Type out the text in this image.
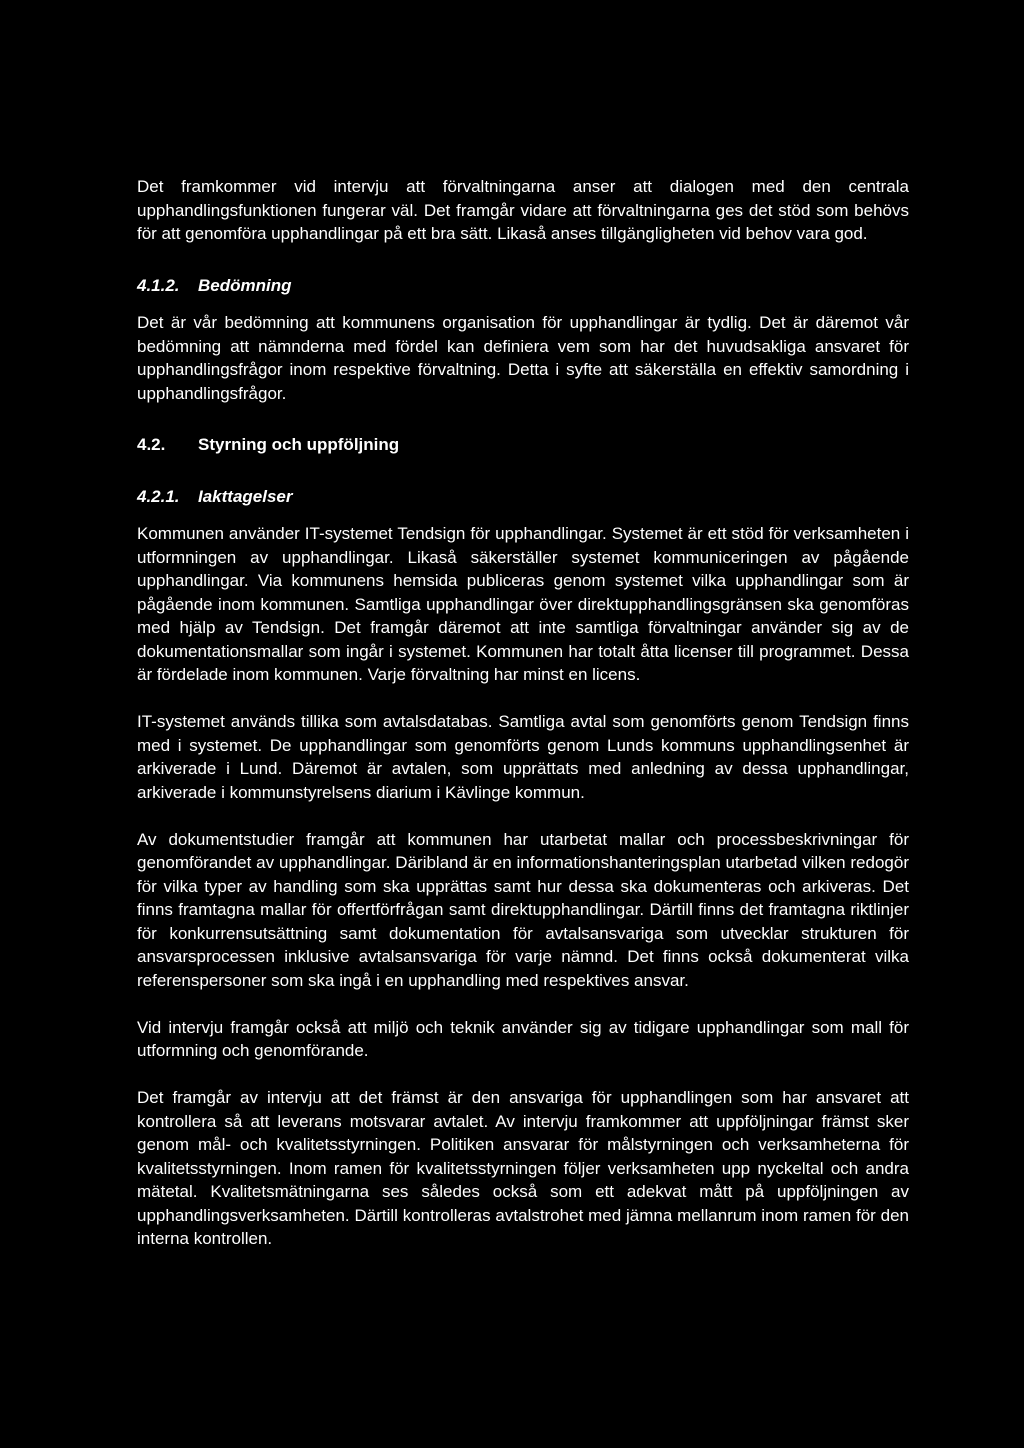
Det framkommer vid intervju att förvaltningarna anser att dialogen med den centrala upphandlingsfunktionen fungerar väl. Det framgår vidare att förvaltningarna ges det stöd som behövs för att genomföra upphandlingar på ett bra sätt. Likaså anses tillgängligheten vid behov vara god.

4.1.2.	Bedömning

Det är vår bedömning att kommunens organisation för upphandlingar är tydlig. Det är däremot vår bedömning att nämnderna med fördel kan definiera vem som har det huvudsakliga ansvaret för upphandlingsfrågor inom respektive förvaltning. Detta i syfte att säkerställa en effektiv samordning i upphandlingsfrågor.

4.2.	Styrning och uppföljning

4.2.1.	Iakttagelser

Kommunen använder IT-systemet Tendsign för upphandlingar. Systemet är ett stöd för verksamheten i utformningen av upphandlingar. Likaså säkerställer systemet kommuniceringen av pågående upphandlingar. Via kommunens hemsida publiceras genom systemet vilka upphandlingar som är pågående inom kommunen. Samtliga upphandlingar över direktupphandlingsgränsen ska genomföras med hjälp av Tendsign. Det framgår däremot att inte samtliga förvaltningar använder sig av de dokumentationsmallar som ingår i systemet. Kommunen har totalt åtta licenser till programmet. Dessa är fördelade inom kommunen. Varje förvaltning har minst en licens.

IT-systemet används tillika som avtalsdatabas. Samtliga avtal som genomförts genom Tendsign finns med i systemet. De upphandlingar som genomförts genom Lunds kommuns upphandlingsenhet är arkiverade i Lund. Däremot är avtalen, som upprättats med anledning av dessa upphandlingar, arkiverade i kommunstyrelsens diarium i Kävlinge kommun.

Av dokumentstudier framgår att kommunen har utarbetat mallar och processbeskrivningar för genomförandet av upphandlingar. Däribland är en informationshanteringsplan utarbetad vilken redogör för vilka typer av handling som ska upprättas samt hur dessa ska dokumenteras och arkiveras. Det finns framtagna mallar för offertförfrågan samt direktupphandlingar. Därtill finns det framtagna riktlinjer för konkurrensutsättning samt dokumentation för avtalsansvariga som utvecklar strukturen för ansvarsprocessen inklusive avtalsansvariga för varje nämnd. Det finns också dokumenterat vilka referenspersoner som ska ingå i en upphandling med respektives ansvar.

Vid intervju framgår också att miljö och teknik använder sig av tidigare upphandlingar som mall för utformning och genomförande.

Det framgår av intervju att det främst är den ansvariga för upphandlingen som har ansvaret att kontrollera så att leverans motsvarar avtalet. Av intervju framkommer att uppföljningar främst sker genom mål- och kvalitetsstyrningen. Politiken ansvarar för målstyrningen och verksamheterna för kvalitetsstyrningen. Inom ramen för kvalitetsstyrningen följer verksamheten upp nyckeltal och andra mätetal. Kvalitetsmätningarna ses således också som ett adekvat mått på uppföljningen av upphandlingsverksamheten. Därtill kontrolleras avtalstrohet med jämna mellanrum inom ramen för den interna kontrollen.
